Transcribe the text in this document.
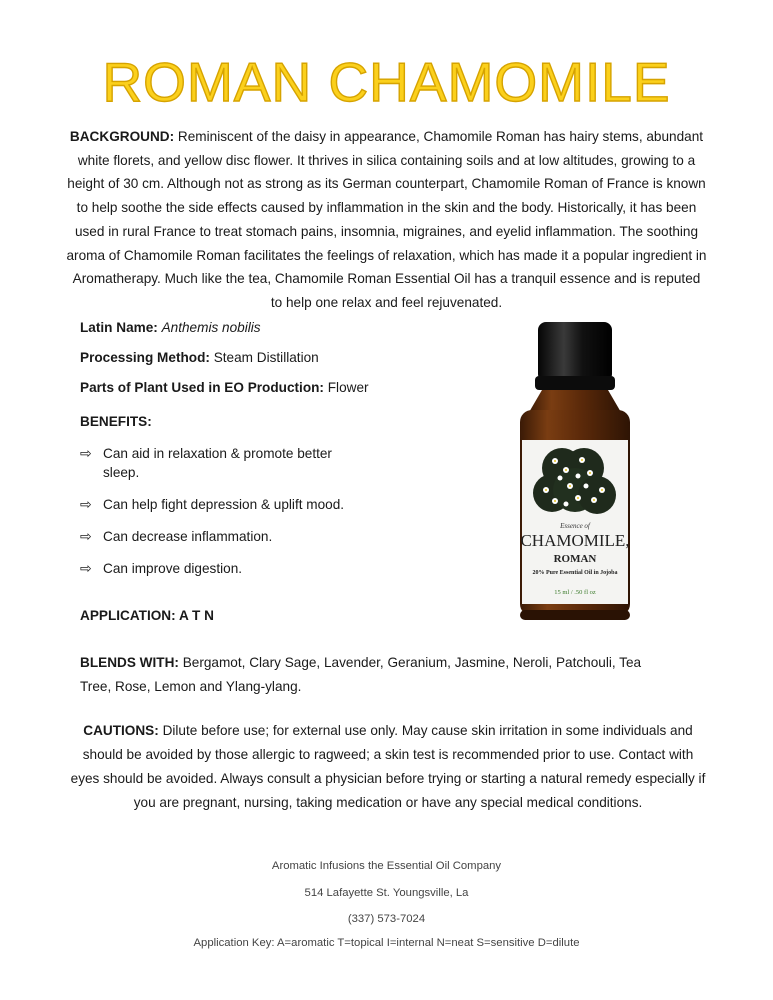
ROMAN CHAMOMILE
BACKGROUND: Reminiscent of the daisy in appearance, Chamomile Roman has hairy stems, abundant white florets, and yellow disc flower. It thrives in silica containing soils and at low altitudes, growing to a height of 30 cm. Although not as strong as its German counterpart, Chamomile Roman of France is known to help soothe the side effects caused by inflammation in the skin and the body. Historically, it has been used in rural France to treat stomach pains, insomnia, migraines, and eyelid inflammation. The soothing aroma of Chamomile Roman facilitates the feelings of relaxation, which has made it a popular ingredient in Aromatherapy. Much like the tea, Chamomile Roman Essential Oil has a tranquil essence and is reputed to help one relax and feel rejuvenated.
Latin Name: Anthemis nobilis
Processing Method: Steam Distillation
Parts of Plant Used in EO Production: Flower
BENEFITS:
⇨ Can aid in relaxation & promote better sleep.
⇨ Can help fight depression & uplift mood.
⇨ Can decrease inflammation.
⇨ Can improve digestion.
APPLICATION: A T N
BLENDS WITH: Bergamot, Clary Sage, Lavender, Geranium, Jasmine, Neroli, Patchouli, Tea Tree, Rose, Lemon and Ylang-ylang.
CAUTIONS: Dilute before use; for external use only. May cause skin irritation in some individuals and should be avoided by those allergic to ragweed; a skin test is recommended prior to use. Contact with eyes should be avoided. Always consult a physician before trying or starting a natural remedy especially if you are pregnant, nursing, taking medication or have any special medical conditions.
Essence of
CHAMOMILE,
ROMAN
20% Pure Essential Oil in Jojoba
15 ml / .50 fl oz
Aromatic Infusions the Essential Oil Company
514 Lafayette St. Youngsville, La
(337) 573-7024
Application Key: A=aromatic T=topical I=internal N=neat S=sensitive D=dilute
